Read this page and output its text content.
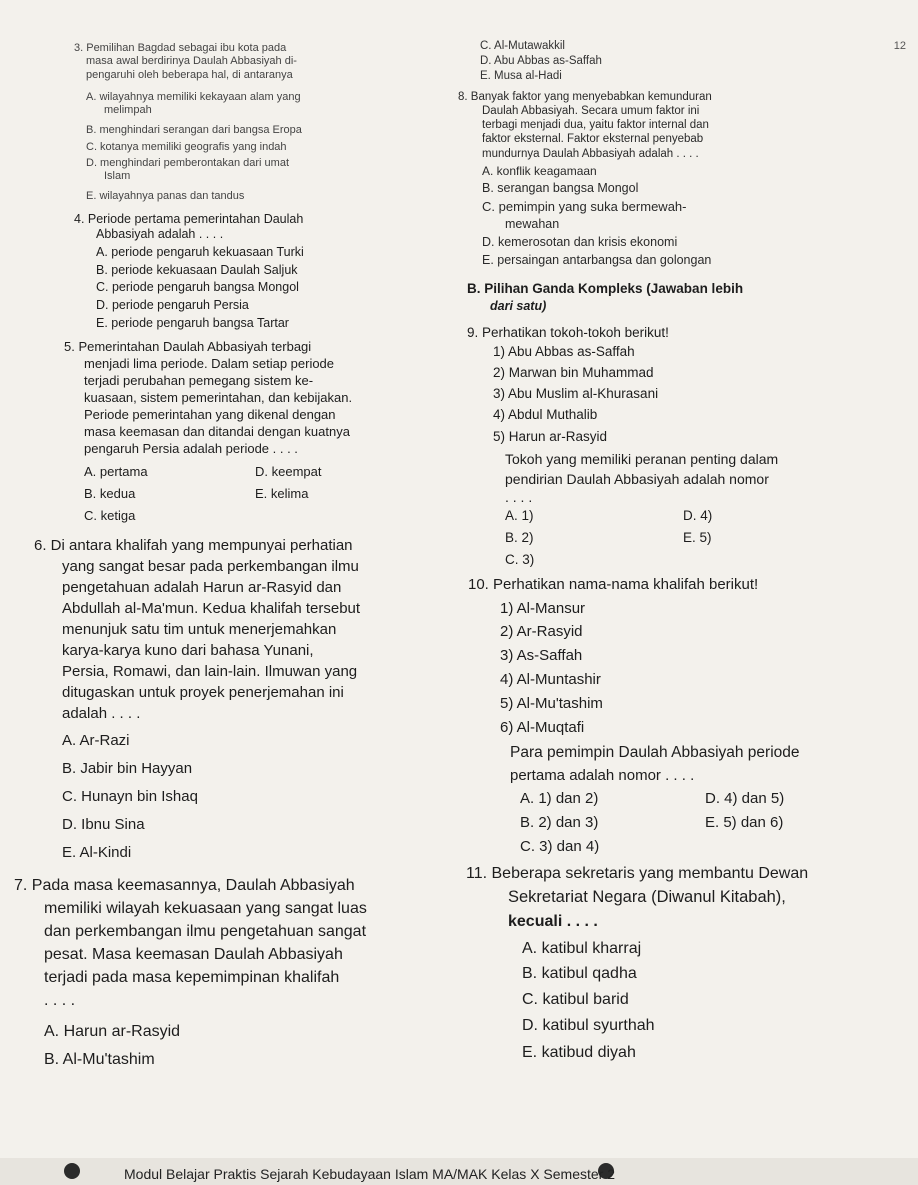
12
3. Pemilihan Bagdad sebagai ibu kota pada
masa awal berdirinya Daulah Abbasiyah di-
pengaruhi oleh beberapa hal, di antaranya
A. wilayahnya memiliki kekayaan alam yang
melimpah
B. menghindari serangan dari bangsa Eropa
C. kotanya memiliki geografis yang indah
D. menghindari pemberontakan dari umat
Islam
E. wilayahnya panas dan tandus
4. Periode pertama pemerintahan Daulah
Abbasiyah adalah . . . .
A. periode pengaruh kekuasaan Turki
B. periode kekuasaan Daulah Saljuk
C. periode pengaruh bangsa Mongol
D. periode pengaruh Persia
E. periode pengaruh bangsa Tartar
5. Pemerintahan Daulah Abbasiyah terbagi
menjadi lima periode. Dalam setiap periode
terjadi perubahan pemegang sistem ke-
kuasaan, sistem pemerintahan, dan kebijakan.
Periode pemerintahan yang dikenal dengan
masa keemasan dan ditandai dengan kuatnya
pengaruh Persia adalah periode . . . .
A. pertama	D. keempat
B. kedua	E. kelima
C. ketiga
6. Di antara khalifah yang mempunyai perhatian
yang sangat besar pada perkembangan ilmu
pengetahuan adalah Harun ar-Rasyid dan
Abdullah al-Ma'mun. Kedua khalifah tersebut
menunjuk satu tim untuk menerjemahkan
karya-karya kuno dari bahasa Yunani,
Persia, Romawi, dan lain-lain. Ilmuwan yang
ditugaskan untuk proyek penerjemahan ini
adalah . . . .
A. Ar-Razi
B. Jabir bin Hayyan
C. Hunayn bin Ishaq
D. Ibnu Sina
E. Al-Kindi
7. Pada masa keemasannya, Daulah Abbasiyah
memiliki wilayah kekuasaan yang sangat luas
dan perkembangan ilmu pengetahuan sangat
pesat. Masa keemasan Daulah Abbasiyah
terjadi pada masa kepemimpinan khalifah
. . . .
A. Harun ar-Rasyid
B. Al-Mu'tashim
C. Al-Mutawakkil
D. Abu Abbas as-Saffah
E. Musa al-Hadi
8. Banyak faktor yang menyebabkan kemunduran
Daulah Abbasiyah. Secara umum faktor ini
terbagi menjadi dua, yaitu faktor internal dan
faktor eksternal. Faktor eksternal penyebab
mundurnya Daulah Abbasiyah adalah . . . .
A. konflik keagamaan
B. serangan bangsa Mongol
C. pemimpin yang suka bermewah-
mewahan
D. kemerosotan dan krisis ekonomi
E. persaingan antarbangsa dan golongan
B. Pilihan Ganda Kompleks (Jawaban lebih
dari satu)
9. Perhatikan tokoh-tokoh berikut!
1) Abu Abbas as-Saffah
2) Marwan bin Muhammad
3) Abu Muslim al-Khurasani
4) Abdul Muthalib
5) Harun ar-Rasyid
Tokoh yang memiliki peranan penting dalam
pendirian Daulah Abbasiyah adalah nomor
. . . .
A. 1)	D. 4)
B. 2)	E. 5)
C. 3)
10. Perhatikan nama-nama khalifah berikut!
1) Al-Mansur
2) Ar-Rasyid
3) As-Saffah
4) Al-Muntashir
5) Al-Mu'tashim
6) Al-Muqtafi
Para pemimpin Daulah Abbasiyah periode
pertama adalah nomor . . . .
A. 1) dan 2)	D. 4) dan 5)
B. 2) dan 3)	E. 5) dan 6)
C. 3) dan 4)
11. Beberapa sekretaris yang membantu Dewan
Sekretariat Negara (Diwanul Kitabah),
kecuali . . . .
A. katibul kharraj
B. katibul qadha
C. katibul barid
D. katibul syurthah
E. katibud diyah
Modul Belajar Praktis Sejarah Kebudayaan Islam MA/MAK Kelas X Semester 2
